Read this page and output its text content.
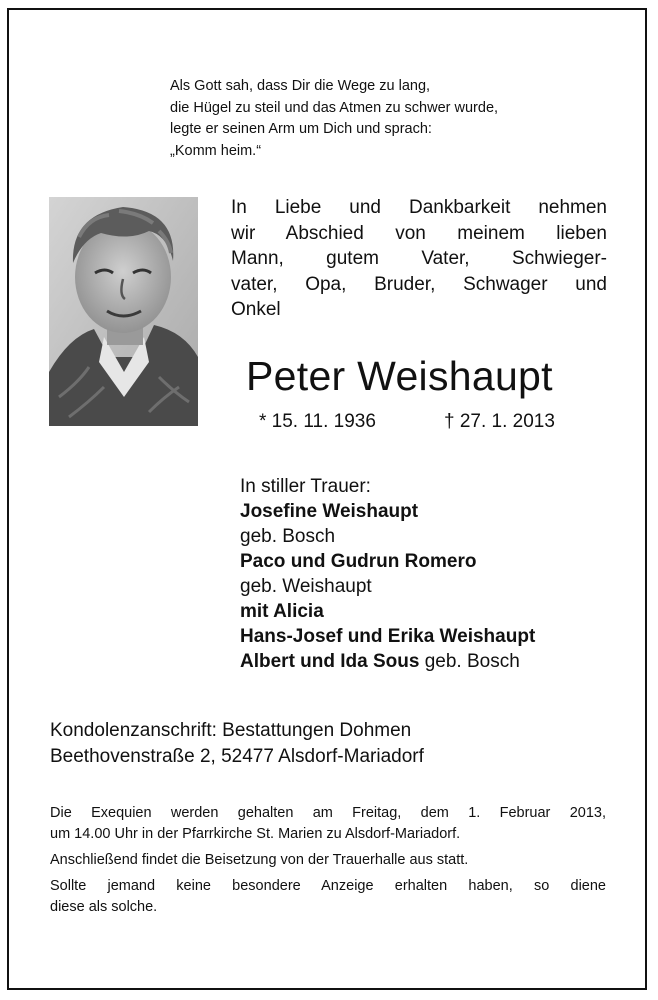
Als Gott sah, dass Dir die Wege zu lang,
die Hügel zu steil und das Atmen zu schwer wurde,
legte er seinen Arm um Dich und sprach:
„Komm heim.“
In Liebe und Dankbarkeit nehmen
wir Abschied von meinem lieben
Mann, gutem Vater, Schwieger-
vater, Opa, Bruder, Schwager und
Onkel
Peter Weishaupt
* 15. 11. 1936	† 27. 1. 2013
In stiller Trauer:
Josefine Weishaupt
geb. Bosch
Paco und Gudrun Romero
geb. Weishaupt
mit Alicia
Hans-Josef und Erika Weishaupt
Albert und Ida Sous geb. Bosch
Kondolenzanschrift: Bestattungen Dohmen
Beethovenstraße 2, 52477 Alsdorf-Mariadorf
Die Exequien werden gehalten am Freitag, dem 1. Februar 2013,
um 14.00 Uhr in der Pfarrkirche St. Marien zu Alsdorf-Mariadorf.
Anschließend findet die Beisetzung von der Trauerhalle aus statt.
Sollte jemand keine besondere Anzeige erhalten haben, so diene
diese als solche.
